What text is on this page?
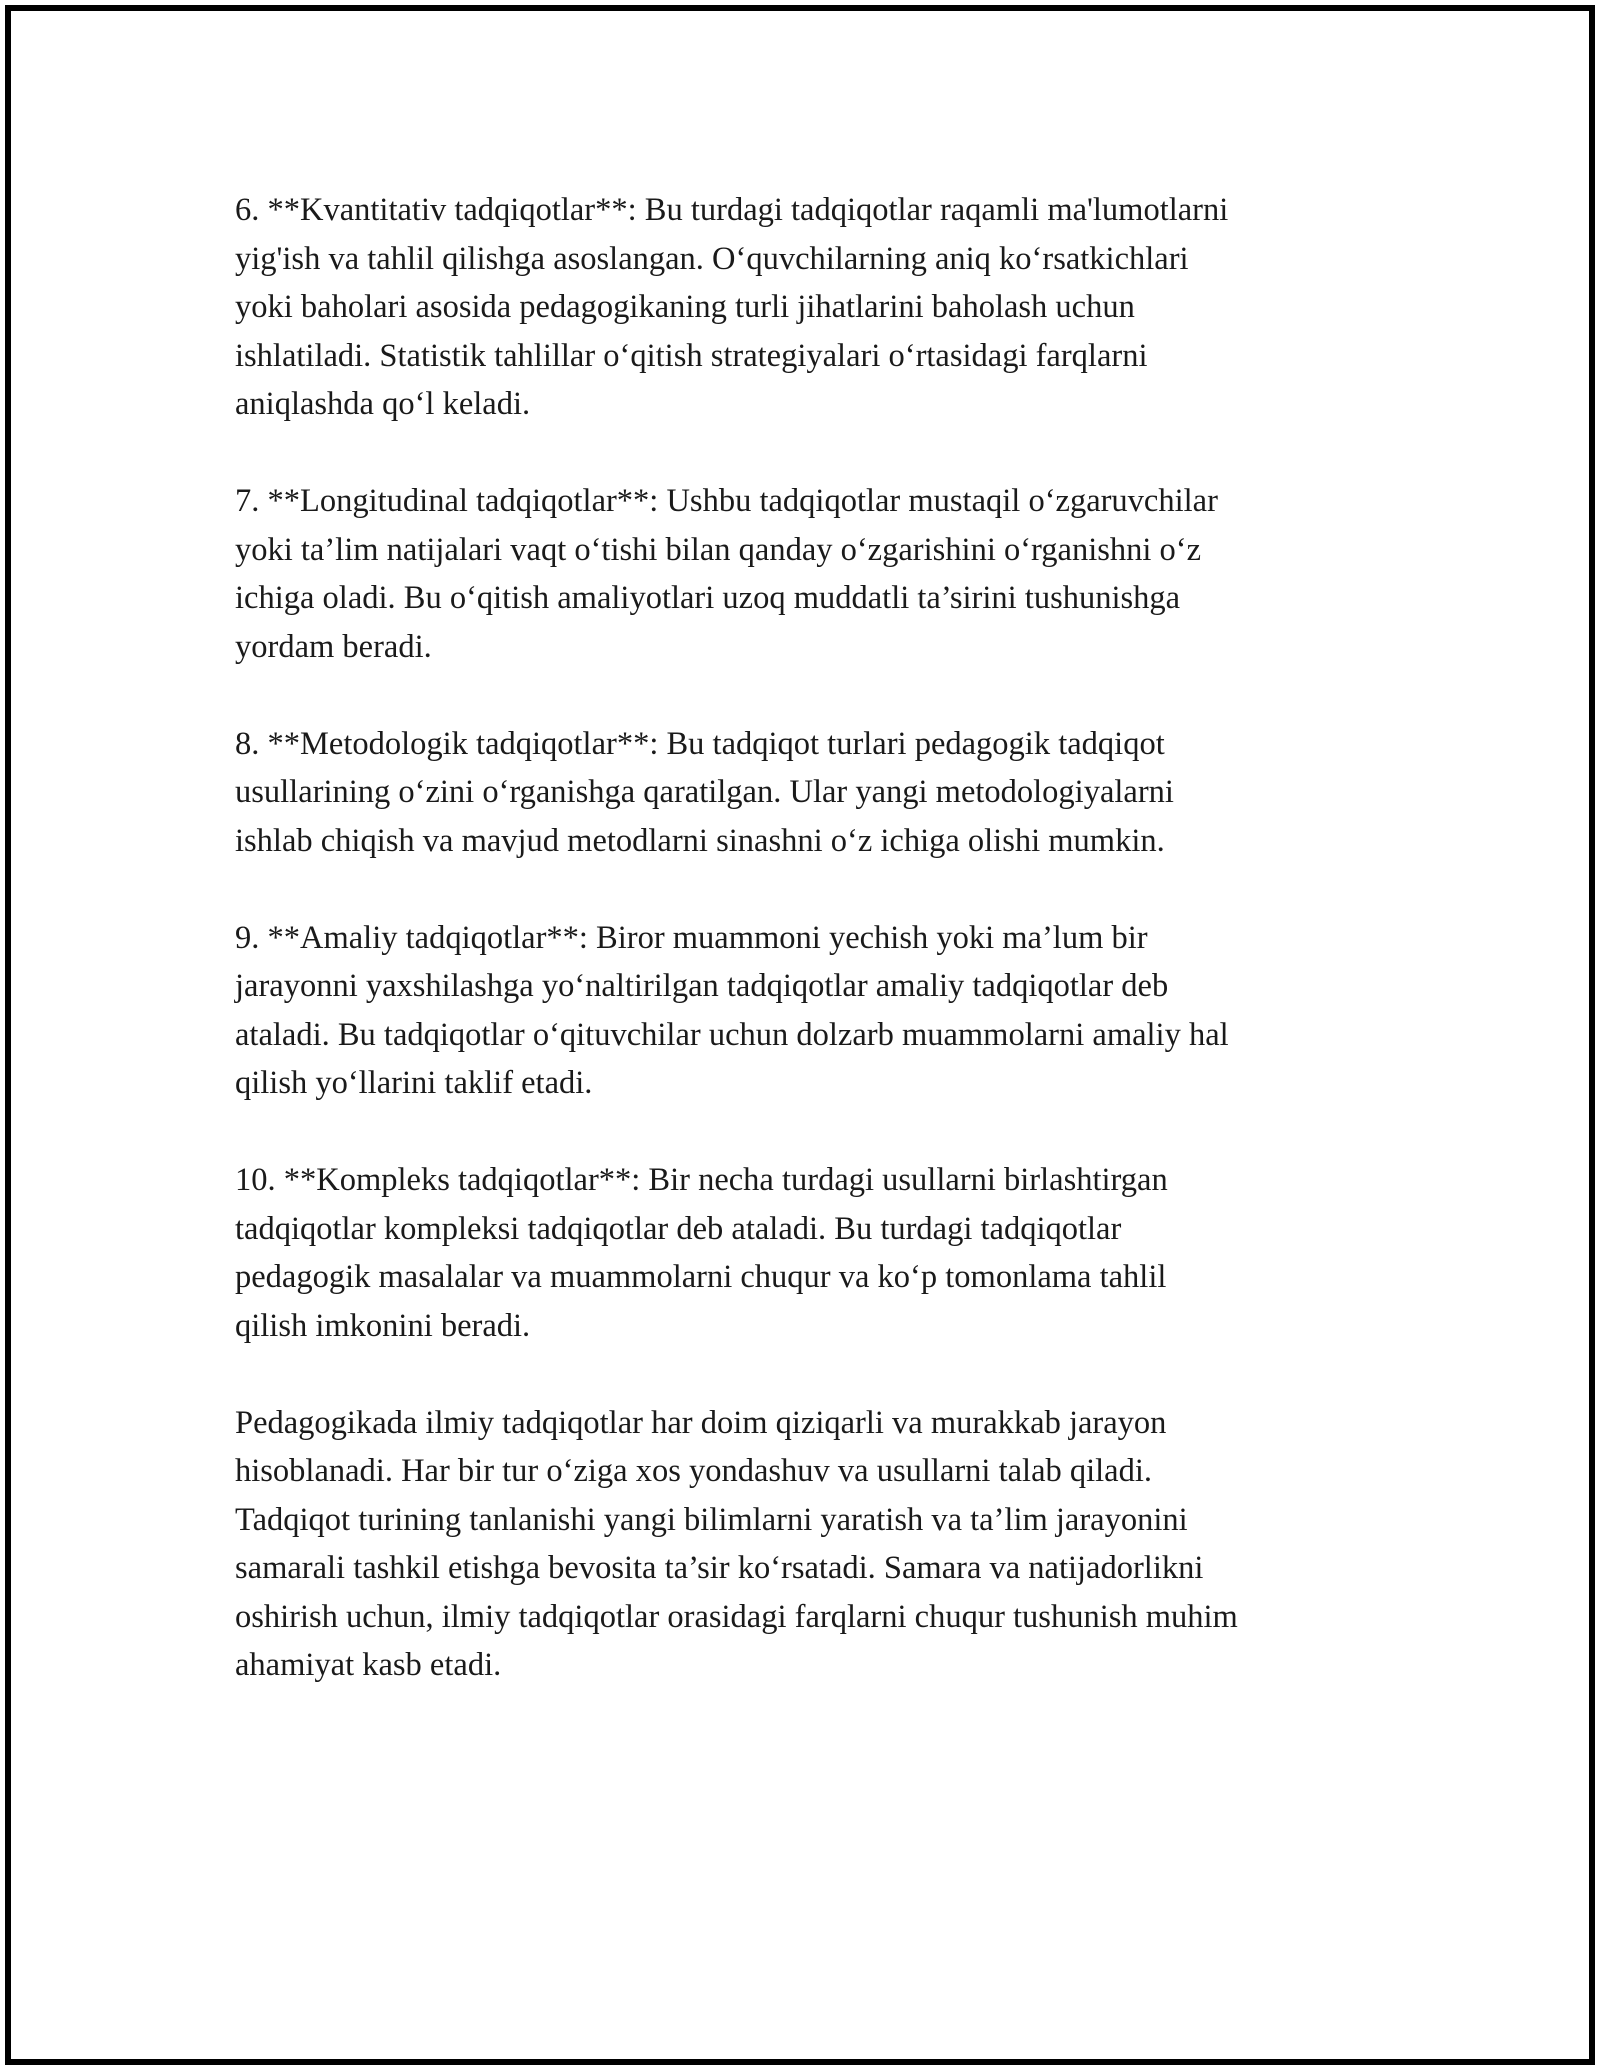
6. **Kvantitativ tadqiqotlar**: Bu turdagi tadqiqotlar raqamli ma'lumotlarni
yig'ish va tahlil qilishga asoslangan. O‘quvchilarning aniq ko‘rsatkichlari
yoki baholari asosida pedagogikaning turli jihatlarini baholash uchun
ishlatiladi. Statistik tahlillar o‘qitish strategiyalari o‘rtasidagi farqlarni
aniqlashda qo‘l keladi.

7. **Longitudinal tadqiqotlar**: Ushbu tadqiqotlar mustaqil o‘zgaruvchilar
yoki ta’lim natijalari vaqt o‘tishi bilan qanday o‘zgarishini o‘rganishni o‘z
ichiga oladi. Bu o‘qitish amaliyotlari uzoq muddatli ta’sirini tushunishga
yordam beradi.

8. **Metodologik tadqiqotlar**: Bu tadqiqot turlari pedagogik tadqiqot
usullarining o‘zini o‘rganishga qaratilgan. Ular yangi metodologiyalarni
ishlab chiqish va mavjud metodlarni sinashni o‘z ichiga olishi mumkin.

9. **Amaliy tadqiqotlar**: Biror muammoni yechish yoki ma’lum bir
jarayonni yaxshilashga yo‘naltirilgan tadqiqotlar amaliy tadqiqotlar deb
ataladi. Bu tadqiqotlar o‘qituvchilar uchun dolzarb muammolarni amaliy hal
qilish yo‘llarini taklif etadi.

10. **Kompleks tadqiqotlar**: Bir necha turdagi usullarni birlashtirgan
tadqiqotlar kompleksi tadqiqotlar deb ataladi. Bu turdagi tadqiqotlar
pedagogik masalalar va muammolarni chuqur va ko‘p tomonlama tahlil
qilish imkonini beradi.

Pedagogikada ilmiy tadqiqotlar har doim qiziqarli va murakkab jarayon
hisoblanadi. Har bir tur o‘ziga xos yondashuv va usullarni talab qiladi.
Tadqiqot turining tanlanishi yangi bilimlarni yaratish va ta’lim jarayonini
samarali tashkil etishga bevosita ta’sir ko‘rsatadi. Samara va natijadorlikni
oshirish uchun, ilmiy tadqiqotlar orasidagi farqlarni chuqur tushunish muhim
ahamiyat kasb etadi.
